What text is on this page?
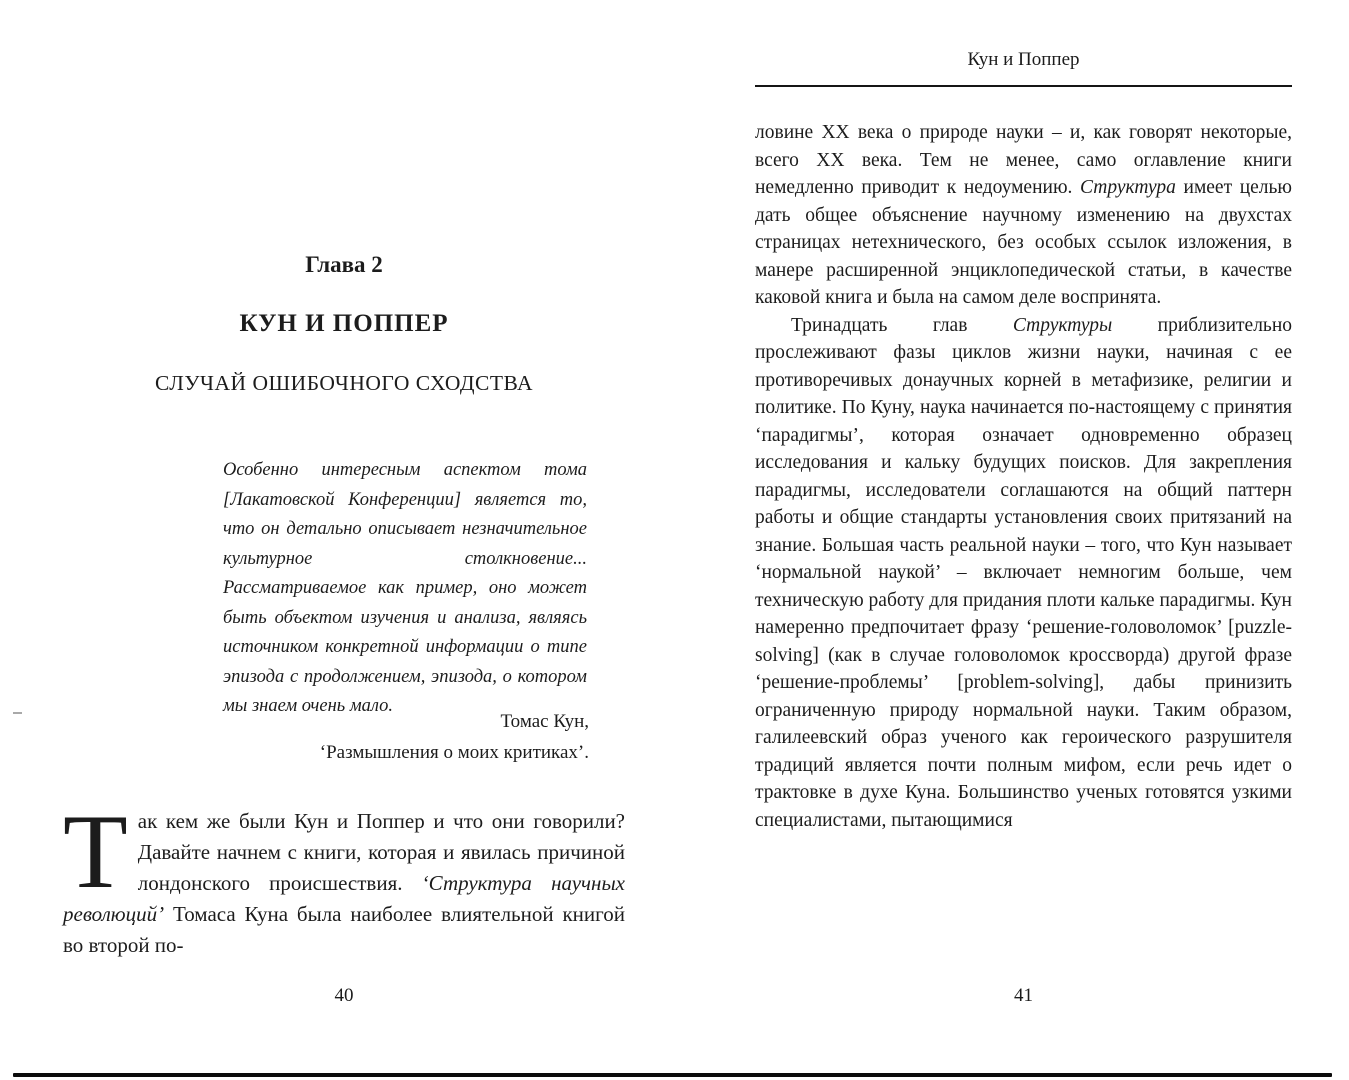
Глава 2
КУН И ПОППЕР
СЛУЧАЙ ОШИБОЧНОГО СХОДСТВА
Особенно интересным аспектом тома [Лакатовской Конференции] является то, что он детально описывает незначительное культурное столкновение... Рассматриваемое как пример, оно может быть объектом изучения и анализа, являясь источником конкретной информации о типе эпизода с продолжением, эпизода, о котором мы знаем очень мало.
Томас Кун,
‘Размышления о моих критиках’.
Так кем же были Кун и Поппер и что они говорили? Давайте начнем с книги, которая и явилась причиной лондонского происшествия. ‘Структура научных революций’ Томаса Куна была наиболее влиятельной книгой во второй по-
40
Кун и Поппер

ловине XX века о природе науки – и, как говорят некоторые, всего XX века. Тем не менее, само оглавление книги немедленно приводит к недоумению. Структура имеет целью дать общее объяснение научному изменению на двухстах страницах нетехнического, без особых ссылок изложения, в манере расширенной энциклопедической статьи, в качестве каковой книга и была на самом деле воспринята.

Тринадцать глав Структуры приблизительно прослеживают фазы циклов жизни науки, начиная с ее противоречивых донаучных корней в метафизике, религии и политике. По Куну, наука начинается по-настоящему с принятия ‘парадигмы’, которая означает одновременно образец исследования и кальку будущих поисков. Для закрепления парадигмы, исследователи соглашаются на общий паттерн работы и общие стандарты установления своих притязаний на знание. Большая часть реальной науки – того, что Кун называет ‘нормальной наукой’ – включает немногим больше, чем техническую работу для придания плоти кальке парадигмы. Кун намеренно предпочитает фразу ‘решение-головоломок’ [puzzle-solving] (как в случае головоломок кроссворда) другой фразе ‘решение-проблемы’ [problem-solving], дабы принизить ограниченную природу нормальной науки. Таким образом, галилеевский образ ученого как героического разрушителя традиций является почти полным мифом, если речь идет о трактовке в духе Куна. Большинство ученых готовятся узкими специалистами, пытающимися

41
